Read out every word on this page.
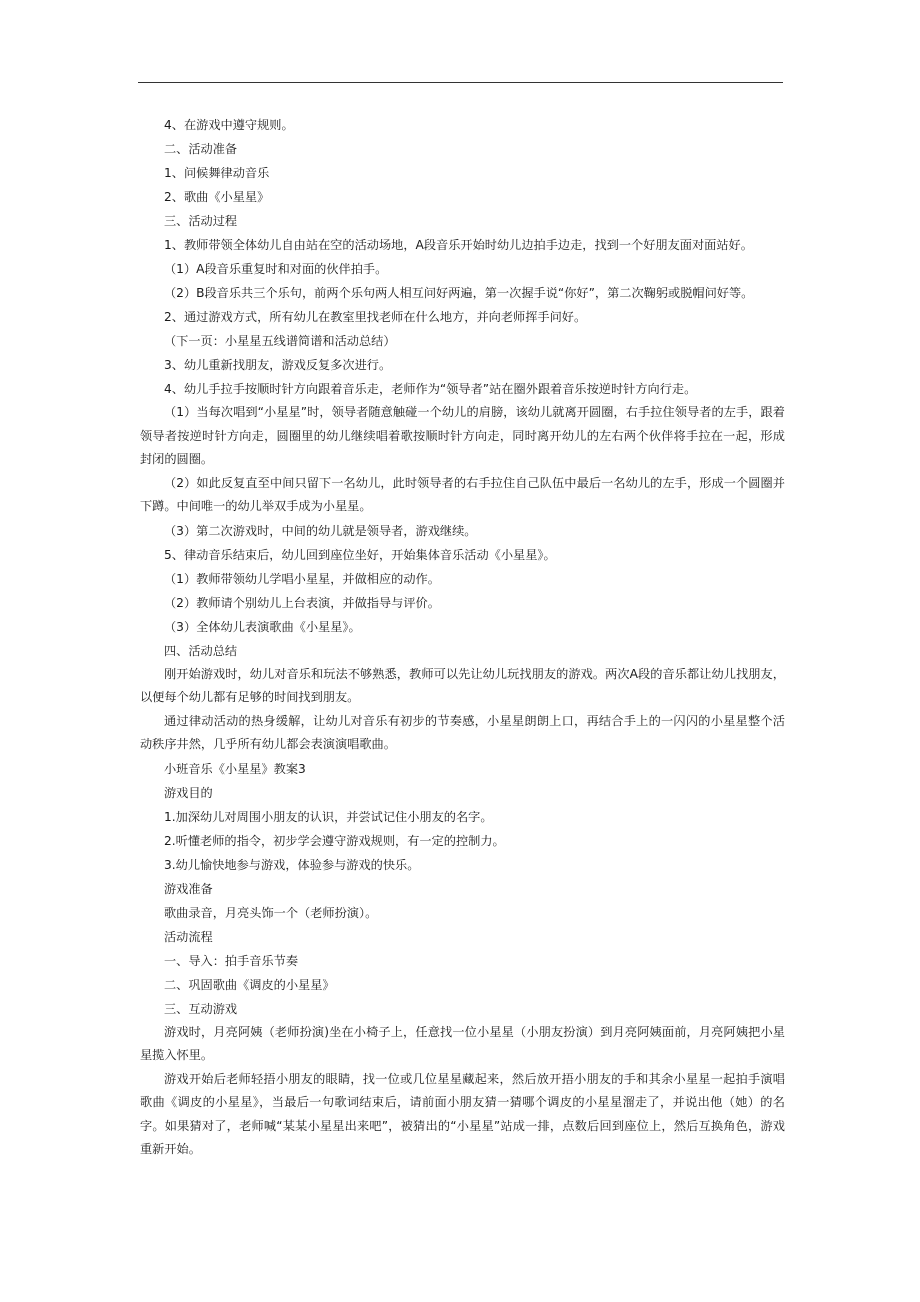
4、在游戏中遵守规则。
二、活动准备
1、问候舞律动音乐
2、歌曲《小星星》
三、活动过程
1、教师带领全体幼儿自由站在空的活动场地，A段音乐开始时幼儿边拍手边走，找到一个好朋友面对面站好。
（1）A段音乐重复时和对面的伙伴拍手。
（2）B段音乐共三个乐句，前两个乐句两人相互问好两遍，第一次握手说“你好”，第二次鞠躬或脱帽问好等。
2、通过游戏方式，所有幼儿在教室里找老师在什么地方，并向老师挥手问好。
（下一页：小星星五线谱简谱和活动总结）
3、幼儿重新找朋友，游戏反复多次进行。
4、幼儿手拉手按顺时针方向跟着音乐走，老师作为“领导者”站在圈外跟着音乐按逆时针方向行走。
（1）当每次唱到“小星星”时，领导者随意触碰一个幼儿的肩膀，该幼儿就离开圆圈，右手拉住领导者的左手，跟着领导者按逆时针方向走，圆圈里的幼儿继续唱着歌按顺时针方向走，同时离开幼儿的左右两个伙伴将手拉在一起，形成封闭的圆圈。
（2）如此反复直至中间只留下一名幼儿，此时领导者的右手拉住自己队伍中最后一名幼儿的左手，形成一个圆圈并下蹲。中间唯一的幼儿举双手成为小星星。
（3）第二次游戏时，中间的幼儿就是领导者，游戏继续。
5、律动音乐结束后，幼儿回到座位坐好，开始集体音乐活动《小星星》。
（1）教师带领幼儿学唱小星星，并做相应的动作。
（2）教师请个别幼儿上台表演，并做指导与评价。
（3）全体幼儿表演歌曲《小星星》。
四、活动总结
刚开始游戏时，幼儿对音乐和玩法不够熟悉，教师可以先让幼儿玩找朋友的游戏。两次A段的音乐都让幼儿找朋友，以便每个幼儿都有足够的时间找到朋友。
通过律动活动的热身缓解，让幼儿对音乐有初步的节奏感，小星星朗朗上口，再结合手上的一闪闪的小星星整个活动秩序井然，几乎所有幼儿都会表演演唱歌曲。
小班音乐《小星星》教案3
游戏目的
1.加深幼儿对周围小朋友的认识，并尝试记住小朋友的名字。
2.听懂老师的指令，初步学会遵守游戏规则，有一定的控制力。
3.幼儿愉快地参与游戏，体验参与游戏的快乐。
游戏准备
歌曲录音，月亮头饰一个（老师扮演）。
活动流程
一、导入：拍手音乐节奏
二、巩固歌曲《调皮的小星星》
三、互动游戏
游戏时，月亮阿姨（老师扮演)坐在小椅子上，任意找一位小星星（小朋友扮演）到月亮阿姨面前，月亮阿姨把小星星揽入怀里。
游戏开始后老师轻捂小朋友的眼睛，找一位或几位星星藏起来，然后放开捂小朋友的手和其余小星星一起拍手演唱歌曲《调皮的小星星》，当最后一句歌词结束后，请前面小朋友猜一猜哪个调皮的小星星溜走了，并说出他（她）的名字。如果猜对了，老师喊“某某小星星出来吧”，被猜出的“小星星”站成一排，点数后回到座位上，然后互换角色，游戏重新开始。
